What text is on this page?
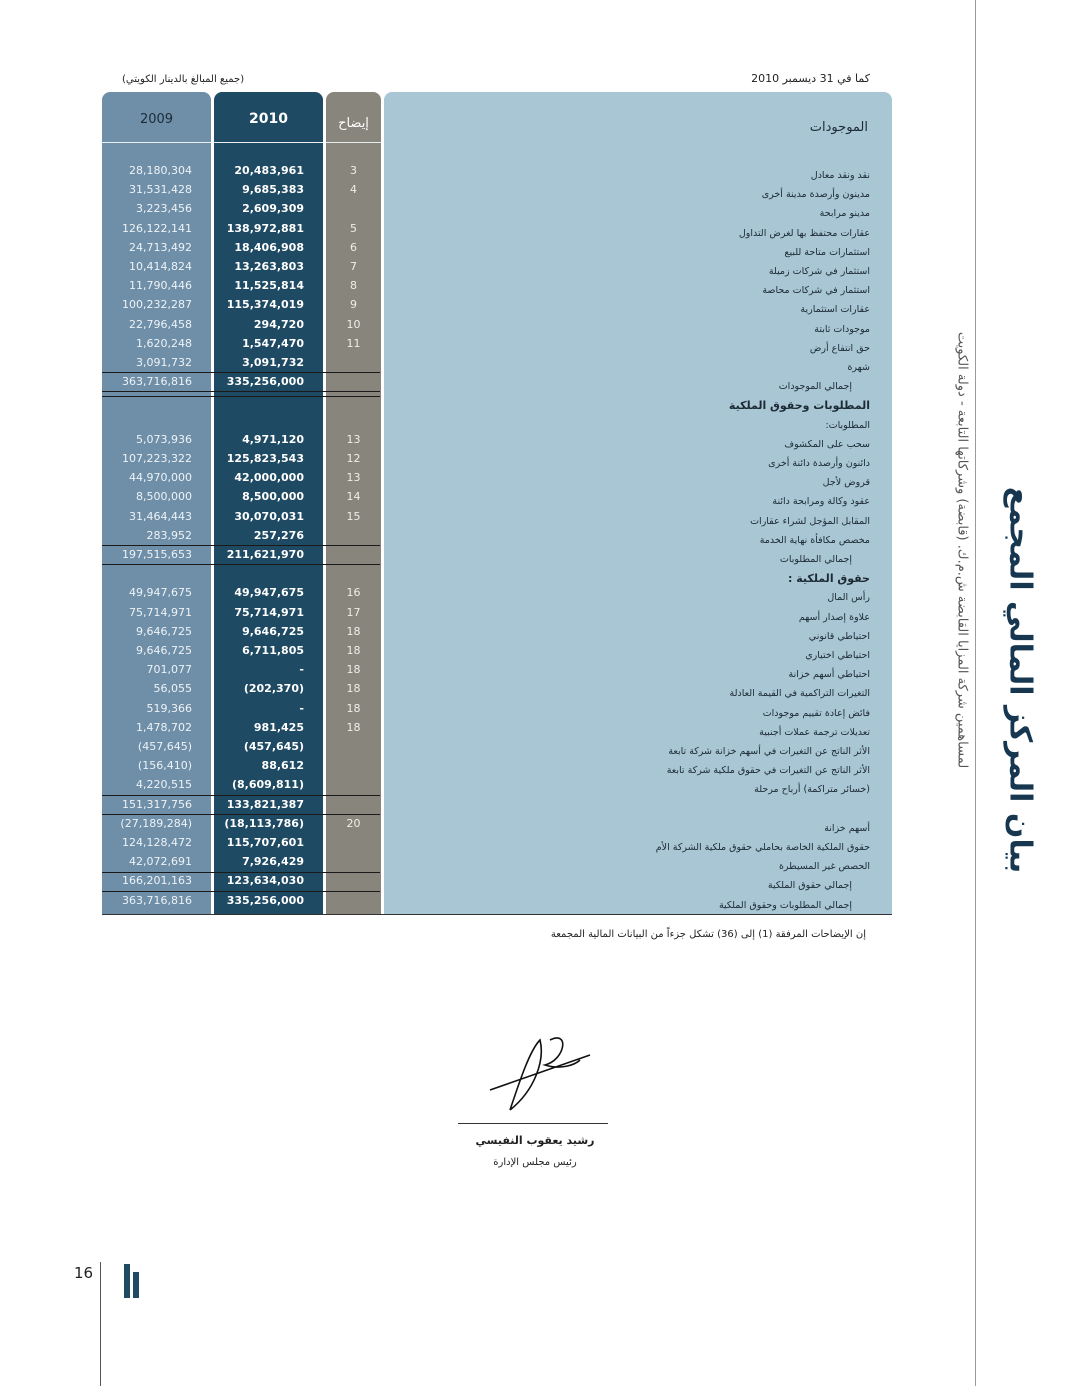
بيان المركز المالي المجمع
لمساهمين شركة المزايا القابضة ش.م.ك. (قابضة) وشركاتها التابعة - دولة الكويت
كما في 31 ديسمبر 2010
(جميع المبالغ بالدينار الكويتي)
2009	2010	إيضاح	الموجودات
28,180,304	20,483,961	3	نقد ونقد معادل
31,531,428	9,685,383	4	مدينون وأرصدة مدينة أخرى
3,223,456	2,609,309	مدينو مرابحة
126,122,141	138,972,881	5	عقارات محتفظ بها لغرض التداول
24,713,492	18,406,908	6	استثمارات متاحة للبيع
10,414,824	13,263,803	7	استثمار في شركات زميلة
11,790,446	11,525,814	8	استثمار في شركات محاصة
100,232,287	115,374,019	9	عقارات استثمارية
22,796,458	294,720	10	موجودات ثابتة
1,620,248	1,547,470	11	حق انتفاع أرض
3,091,732	3,091,732	شهرة
363,716,816	335,256,000	إجمالي الموجودات
المطلوبات وحقوق الملكية
المطلوبات:
5,073,936	4,971,120	13	سحب على المكشوف
107,223,322	125,823,543	12	دائنون وأرصدة دائنة أخرى
44,970,000	42,000,000	13	قروض لأجل
8,500,000	8,500,000	14	عقود وكالة ومرابحة دائنة
31,464,443	30,070,031	15	المقابل المؤجل لشراء عقارات
283,952	257,276	مخصص مكافأة نهاية الخدمة
197,515,653	211,621,970	إجمالي المطلوبات
حقوق الملكية :
49,947,675	49,947,675	16	رأس المال
75,714,971	75,714,971	17	علاوة إصدار أسهم
9,646,725	9,646,725	18	احتياطي قانوني
9,646,725	6,711,805	18	احتياطي اختياري
701,077	-	18	احتياطي أسهم خزانة
56,055	(202,370)	18	التغيرات التراكمية في القيمة العادلة
519,366	-	18	فائض إعادة تقييم موجودات
1,478,702	981,425	18	تعديلات ترجمة عملات أجنبية
(457,645)	(457,645)	الأثر الناتج عن التغيرات في أسهم خزانة شركة تابعة
(156,410)	88,612	الأثر الناتج عن التغيرات في حقوق ملكية شركة تابعة
4,220,515	(8,609,811)	(خسائر متراكمة) أرباح مرحلة
151,317,756	133,821,387
(27,189,284)	(18,113,786)	20	أسهم خزانة
124,128,472	115,707,601	حقوق الملكية الخاصة بحاملي حقوق ملكية الشركة الأم
42,072,691	7,926,429	الحصص غير المسيطرة
166,201,163	123,634,030	إجمالي حقوق الملكية
363,716,816	335,256,000	إجمالي المطلوبات وحقوق الملكية
إن الإيضاحات المرفقة (1) إلى (36) تشكل جزءاً من البيانات المالية المجمعة
رشيد يعقوب النفيسي
رئيس مجلس الإدارة
16
